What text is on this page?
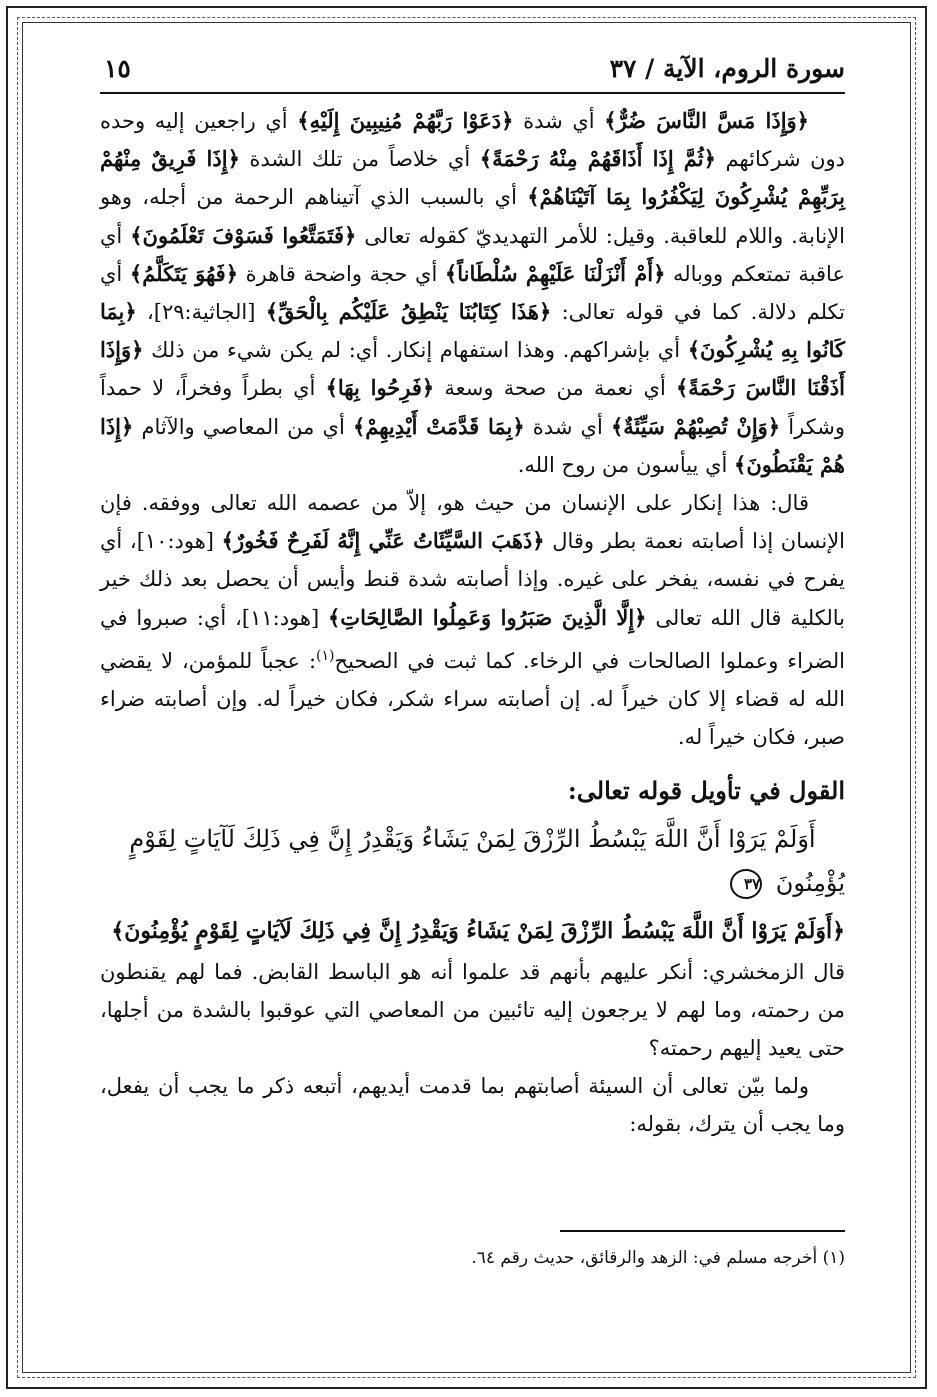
سورة الروم، الآية / ٣٧
١٥

﴿وَإِذَا مَسَّ النَّاسَ ضُرٌّ﴾ أي شدة ﴿دَعَوْا رَبَّهُمْ مُنِيبِينَ إِلَيْهِ﴾ أي راجعين إليه وحده دون شركائهم ﴿ثُمَّ إِذَا أَذَاقَهُمْ مِنْهُ رَحْمَةً﴾ أي خلاصاً من تلك الشدة ﴿إِذَا فَرِيقٌ مِنْهُمْ بِرَبِّهِمْ يُشْرِكُونَ لِيَكْفُرُوا بِمَا آتَيْنَاهُمْ﴾ أي بالسبب الذي آتيناهم الرحمة من أجله، وهو الإنابة. واللام للعاقبة. وقيل: للأمر التهديديّ كقوله تعالى ﴿فَتَمَتَّعُوا فَسَوْفَ تَعْلَمُونَ﴾ أي عاقبة تمتعكم ووباله ﴿أَمْ أَنْزَلْنَا عَلَيْهِمْ سُلْطَاناً﴾ أي حجة واضحة قاهرة ﴿فَهُوَ يَتَكَلَّمُ﴾ أي تكلم دلالة. كما في قوله تعالى: ﴿هَذَا كِتَابُنَا يَنْطِقُ عَلَيْكُم بِالْحَقِّ﴾ [الجاثية:٢٩]، ﴿بِمَا كَانُوا بِهِ يُشْرِكُونَ﴾ أي بإشراكهم. وهذا استفهام إنكار. أي: لم يكن شيء من ذلك ﴿وَإِذَا أَذَقْنَا النَّاسَ رَحْمَةً﴾ أي نعمة من صحة وسعة ﴿فَرِحُوا بِهَا﴾ أي بطراً وفخراً، لا حمداً وشكراً ﴿وَإِنْ تُصِبْهُمْ سَيِّئَةٌ﴾ أي شدة ﴿بِمَا قَدَّمَتْ أَيْدِيهِمْ﴾ أي من المعاصي والآثام ﴿إِذَا هُمْ يَقْنَطُونَ﴾ أي ييأسون من روح الله.

قال: هذا إنكار على الإنسان من حيث هو، إلاّ من عصمه الله تعالى ووفقه. فإن الإنسان إذا أصابته نعمة بطر وقال ﴿ذَهَبَ السَّيِّئَاتُ عَنِّي إِنَّهُ لَفَرِحٌ فَخُورٌ﴾ [هود:١٠]، أي يفرح في نفسه، يفخر على غيره. وإذا أصابته شدة قنط وأيس أن يحصل بعد ذلك خير بالكلية قال الله تعالى ﴿إِلَّا الَّذِينَ صَبَرُوا وَعَمِلُوا الصَّالِحَاتِ﴾ [هود:١١]، أي: صبروا في الضراء وعملوا الصالحات في الرخاء. كما ثبت في الصحيح$^{(١)}$: عجباً للمؤمن، لا يقضي الله له قضاء إلا كان خيراً له. إن أصابته سراء شكر، فكان خيراً له. وإن أصابته ضراء صبر، فكان خيراً له.

القول في تأويل قوله تعالى:
أَوَلَمْ يَرَوْا أَنَّ اللَّهَ يَبْسُطُ الرِّزْقَ لِمَنْ يَشَاءُ وَيَقْدِرُ إِنَّ فِي ذَلِكَ لَآيَاتٍ لِقَوْمٍ يُؤْمِنُونَ ٣٧

﴿أَوَلَمْ يَرَوْا أَنَّ اللَّهَ يَبْسُطُ الرِّزْقَ لِمَنْ يَشَاءُ وَيَقْدِرُ إِنَّ فِي ذَلِكَ لَآيَاتٍ لِقَوْمٍ يُؤْمِنُونَ﴾

قال الزمخشري: أنكر عليهم بأنهم قد علموا أنه هو الباسط القابض. فما لهم يقنطون من رحمته، وما لهم لا يرجعون إليه تائبين من المعاصي التي عوقبوا بالشدة من أجلها، حتى يعيد إليهم رحمته؟

ولما بيّن تعالى أن السيئة أصابتهم بما قدمت أيديهم، أتبعه ذكر ما يجب أن يفعل، وما يجب أن يترك، بقوله:

(١) أخرجه مسلم في: الزهد والرقائق، حديث رقم ٦٤.
